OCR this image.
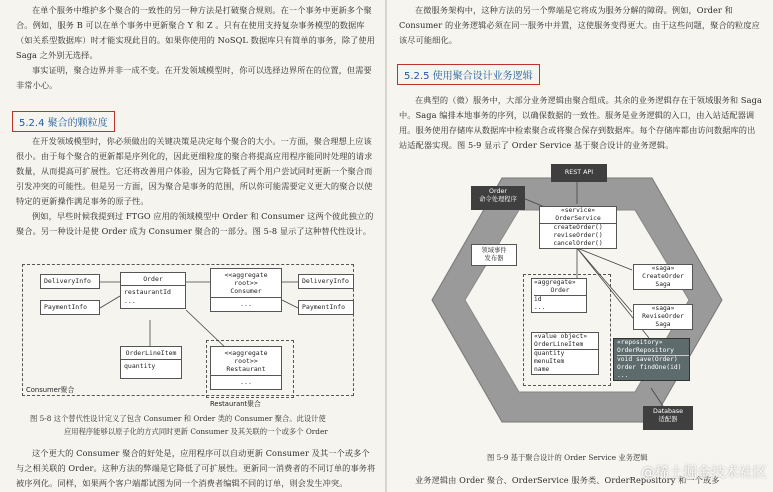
在单个服务中维护多个聚合的一致性的另一种方法是打破聚合规则。在一个事务中更新多个聚合。例如，服务 B 可以在单个事务中更新聚合 Y 和 Z 。只有在使用支持复杂事务模型的数据库（如关系型数据库）时才能实现此目的。如果你使用的 NoSQL 数据库只有简单的事务，除了使用 Saga 之外别无选择。
事实证明，聚合边界并非一成不变。在开发领域模型时，你可以选择边界所在的位置，但需要非常小心。
5.2.4 聚合的颗粒度
在开发领域模型时，你必须做出的关键决策是决定每个聚合的大小。一方面，聚合理想上应该很小。由于每个聚合的更新都是序列化的，因此更细粒度的聚合将提高应用程序能同时处理的请求数量，从而提高可扩展性。它还将改善用户体验，因为它降低了两个用户尝试同时更新一个聚合而引发冲突的可能性。但是另一方面，因为聚合是事务的范围，所以你可能需要定义更大的聚合以使特定的更新操作满足事务的原子性。
例如，早些时候我提到过 FTGO 应用的领域模型中 Order 和 Consumer 这两个彼此独立的聚合。另一种设计是使 Order 成为 Consumer 聚合的一部分。图 5-8 显示了这种替代性设计。
DeliveryInfo
PaymentInfo
Order
restaurantId
...
<<aggregate root>>
Consumer
...
DeliveryInfo
PaymentInfo
OrderLineItem
quantity
<<aggregate root>>
Restaurant
...
Consumer聚合
Restaurant聚合
图 5-8 这个替代性设计定义了包含 Consumer 和 Order 类的 Consumer 聚合。此设计使
应用程序能够以原子化的方式同时更新 Consumer 及其关联的一个或多个 Order
这个更大的 Consumer 聚合的好处是，应用程序可以自动更新 Consumer 及其一个或多个与之相关联的 Order。这种方法的弊端是它降低了可扩展性。更新同一消费者的不同订单的事务将被序列化。同样，如果两个客户端都试图为同一个消费者编辑不同的订单，则会发生冲突。
在微服务架构中，这种方法的另一个弊端是它将成为服务分解的障碍。例如，Order 和 Consumer 的业务逻辑必须在同一服务中并置，这使服务变得更大。由于这些问题，聚合的粒度应该尽可能细化。
5.2.5 使用聚合设计业务逻辑
在典型的（微）服务中，大部分业务逻辑由聚合组成。其余的业务逻辑存在于领域服务和 Saga 中。Saga 编排本地事务的序列，以确保数据的一致性。服务是业务逻辑的入口，由入站适配器调用。服务使用存储库从数据库中检索聚合或将聚合保存到数据库。每个存储库都由访问数据库的出站适配器实现。图 5-9 显示了 Order Service 基于聚合设计的业务逻辑。
REST API
Order
命令处理程序
«service»
OrderService
createOrder()
reviseOrder()
cancelOrder()
领域事件
发布器
«saga»
CreateOrder
Saga
«saga»
ReviseOrder
Saga
«aggregate»
Order
id
...
«value object»
OrderLineItem
quantity
menuItem
name
«repository»
OrderRepository
void save(Order)
Order findOne(id)
...
Database
适配器
图 5-9 基于聚合设计的 Order Service 业务逻辑
业务逻辑由 Order 聚合、OrderService 服务类、OrderRepository 和一个或多
@稀土掘金技术社区
